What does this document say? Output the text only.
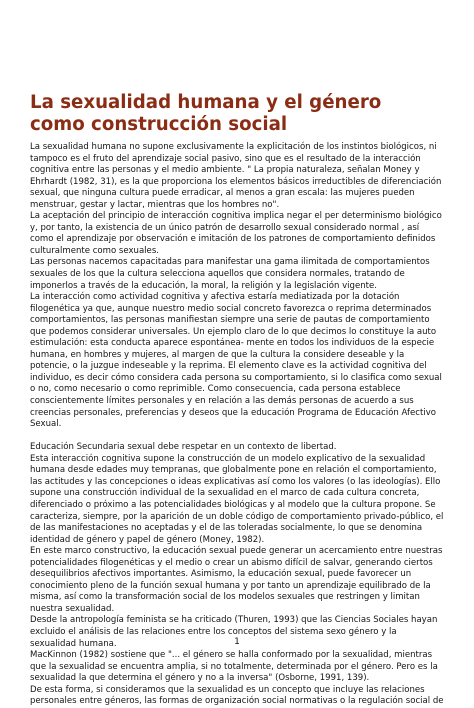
La sexualidad humana y el género
como construcción social
La sexualidad humana no supone exclusivamente la explicitación de los instintos biológicos, ni
tampoco es el fruto del aprendizaje social pasivo, sino que es el resultado de la interacción
cognitiva entre las personas y el medio ambiente. " La propia naturaleza, señalan Money y
Ehrhardt (1982, 31), es la que proporciona los elementos básicos irreductibles de diferenciación
sexual, que ninguna cultura puede erradicar, al menos a gran escala: las mujeres pueden
menstruar, gestar y lactar, mientras que los hombres no".
La aceptación del principio de interacción cognitiva implica negar el per determinismo biológico
y, por tanto, la existencia de un único patrón de desarrollo sexual considerado normal , así
como el aprendizaje por observación e imitación de los patrones de comportamiento definidos
culturalmente como sexuales.
Las personas nacemos capacitadas para manifestar una gama ilimitada de comportamientos
sexuales de los que la cultura selecciona aquellos que considera normales, tratando de
imponerlos a través de la educación, la moral, la religión y la legislación vigente.
La interacción como actividad cognitiva y afectiva estaría mediatizada por la dotación
filogenética ya que, aunque nuestro medio social concreto favorezca o reprima determinados
comportamientos, las personas manifiestan siempre una serie de pautas de comportamiento
que podemos considerar universales. Un ejemplo claro de lo que decimos lo constituye la auto
estimulación: esta conducta aparece espontánea- mente en todos los individuos de la especie
humana, en hombres y mujeres, al margen de que la cultura la considere deseable y la
potencie, o la juzgue indeseable y la reprima. El elemento clave es la actividad cognitiva del
individuo, es decir cómo considera cada persona su comportamiento, si lo clasifica como sexual
o no, como necesario o como reprimible. Como consecuencia, cada persona establece
conscientemente límites personales y en relación a las demás personas de acuerdo a sus
creencias personales, preferencias y deseos que la educación Programa de Educación Afectivo
Sexual.
Educación Secundaria sexual debe respetar en un contexto de libertad.
Esta interacción cognitiva supone la construcción de un modelo explicativo de la sexualidad
humana desde edades muy tempranas, que globalmente pone en relación el comportamiento,
las actitudes y las concepciones o ideas explicativas así como los valores (o las ideologías). Ello
supone una construcción individual de la sexualidad en el marco de cada cultura concreta,
diferenciado o próximo a las potencialidades biológicas y al modelo que la cultura propone. Se
caracteriza, siempre, por la aparición de un doble código de comportamiento privado-público, el
de las manifestaciones no aceptadas y el de las toleradas socialmente, lo que se denomina
identidad de género y papel de género (Money, 1982).
En este marco constructivo, la educación sexual puede generar un acercamiento entre nuestras
potencialidades filogenéticas y el medio o crear un abismo difícil de salvar, generando ciertos
desequilibrios afectivos importantes. Asimismo, la educación sexual, puede favorecer un
conocimiento pleno de la función sexual humana y por tanto un aprendizaje equilibrado de la
misma, así como la transformación social de los modelos sexuales que restringen y limitan
nuestra sexualidad.
Desde la antropología feminista se ha criticado (Thuren, 1993) que las Ciencias Sociales hayan
excluido el análisis de las relaciones entre los conceptos del sistema sexo género y la
sexualidad humana.
MacKinnon (1982) sostiene que "... el género se halla conformado por la sexualidad, mientras
que la sexualidad se encuentra amplia, si no totalmente, determinada por el género. Pero es la
sexualidad la que determina el género y no a la inversa" (Osborne, 1991, 139).
De esta forma, si consideramos que la sexualidad es un concepto que incluye las relaciones
personales entre géneros, las formas de organización social normativas o la regulación social de
1
